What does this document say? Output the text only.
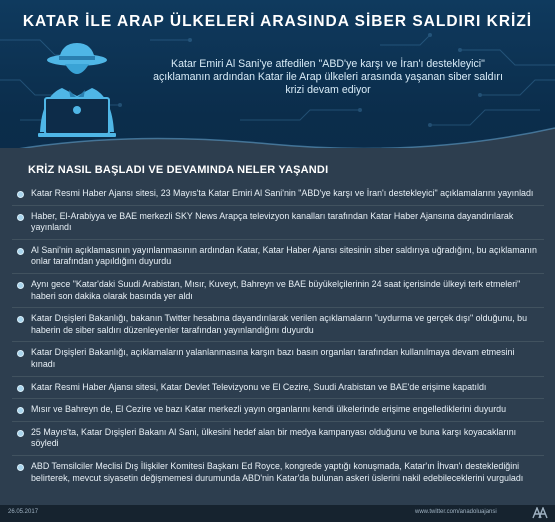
KATAR İLE ARAP ÜLKELERİ ARASINDA SİBER SALDIRI KRİZİ
Katar Emiri Al Sani'ye atfedilen "ABD'ye karşı ve İran'ı destekleyici" açıklamanın ardından Katar ile Arap ülkeleri arasında yaşanan siber saldırı krizi devam ediyor
KRİZ NASIL BAŞLADI VE DEVAMINDA NELER YAŞANDI
Katar Resmi Haber Ajansı sitesi, 23 Mayıs'ta Katar Emiri Al Sani'nin "ABD'ye karşı ve İran'ı destekleyici" açıklamalarını yayınladı
Haber, El-Arabiyya ve BAE merkezli SKY News Arapça televizyon kanalları tarafından Katar Haber Ajansına dayandırılarak yayınlandı
Al Sani'nin açıklamasının yayınlanmasının ardından Katar, Katar Haber Ajansı sitesinin siber saldırıya uğradığını, bu açıklamanın onlar tarafından yapıldığını duyurdu
Aynı gece "Katar'daki Suudi Arabistan, Mısır, Kuveyt, Bahreyn ve BAE büyükelçilerinin 24 saat içerisinde ülkeyi terk etmeleri" haberi son dakika olarak basında yer aldı
Katar Dışişleri Bakanlığı, bakanın Twitter hesabına dayandırılarak verilen açıklamaların "uydurma ve gerçek dışı" olduğunu, bu haberin de siber saldırı düzenleyenler tarafından yayınlandığını duyurdu
Katar Dışişleri Bakanlığı, açıklamaların yalanlanmasına karşın bazı basın organları tarafından kullanılmaya devam etmesini kınadı
Katar Resmi Haber Ajansı sitesi, Katar Devlet Televizyonu ve El Cezire, Suudi Arabistan ve BAE'de erişime kapatıldı
Mısır ve Bahreyn de, El Cezire ve bazı Katar merkezli yayın organlarını kendi ülkelerinde erişime engellediklerini duyurdu
25 Mayıs'ta, Katar Dışişleri Bakanı Al Sani, ülkesini hedef alan bir medya kampanyası olduğunu ve buna karşı koyacaklarını söyledi
ABD Temsilciler Meclisi Dış İlişkiler Komitesi Başkanı Ed Royce, kongrede yaptığı konuşmada, Katar'ın İhvan'ı desteklediğini belirterek, mevcut siyasetin değişmemesi durumunda ABD'nin Katar'da bulunan askeri üslerini nakil edebileceklerini vurguladı
26.05.2017	www.twitter.com/anadoluajansi
